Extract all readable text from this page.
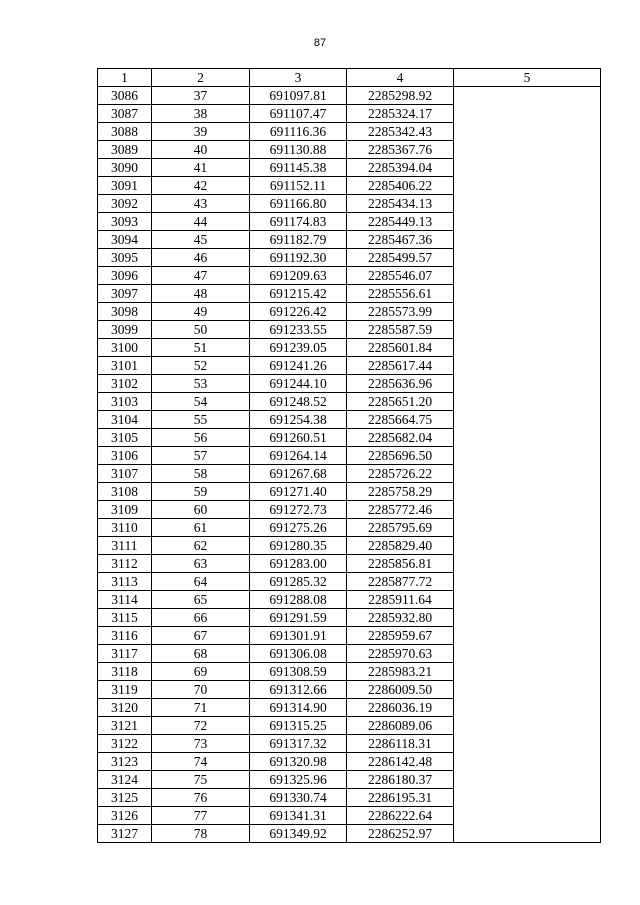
87
1	2	3	4	5
3086	37	691097.81	2285298.92	
3087	38	691107.47	2285324.17	
3088	39	691116.36	2285342.43	
3089	40	691130.88	2285367.76	
3090	41	691145.38	2285394.04	
3091	42	691152.11	2285406.22	
3092	43	691166.80	2285434.13	
3093	44	691174.83	2285449.13	
3094	45	691182.79	2285467.36	
3095	46	691192.30	2285499.57	
3096	47	691209.63	2285546.07	
3097	48	691215.42	2285556.61	
3098	49	691226.42	2285573.99	
3099	50	691233.55	2285587.59	
3100	51	691239.05	2285601.84	
3101	52	691241.26	2285617.44	
3102	53	691244.10	2285636.96	
3103	54	691248.52	2285651.20	
3104	55	691254.38	2285664.75	
3105	56	691260.51	2285682.04	
3106	57	691264.14	2285696.50	
3107	58	691267.68	2285726.22	
3108	59	691271.40	2285758.29	
3109	60	691272.73	2285772.46	
3110	61	691275.26	2285795.69	
3111	62	691280.35	2285829.40	
3112	63	691283.00	2285856.81	
3113	64	691285.32	2285877.72	
3114	65	691288.08	2285911.64	
3115	66	691291.59	2285932.80	
3116	67	691301.91	2285959.67	
3117	68	691306.08	2285970.63	
3118	69	691308.59	2285983.21	
3119	70	691312.66	2286009.50	
3120	71	691314.90	2286036.19	
3121	72	691315.25	2286089.06	
3122	73	691317.32	2286118.31	
3123	74	691320.98	2286142.48	
3124	75	691325.96	2286180.37	
3125	76	691330.74	2286195.31	
3126	77	691341.31	2286222.64	
3127	78	691349.92	2286252.97	
